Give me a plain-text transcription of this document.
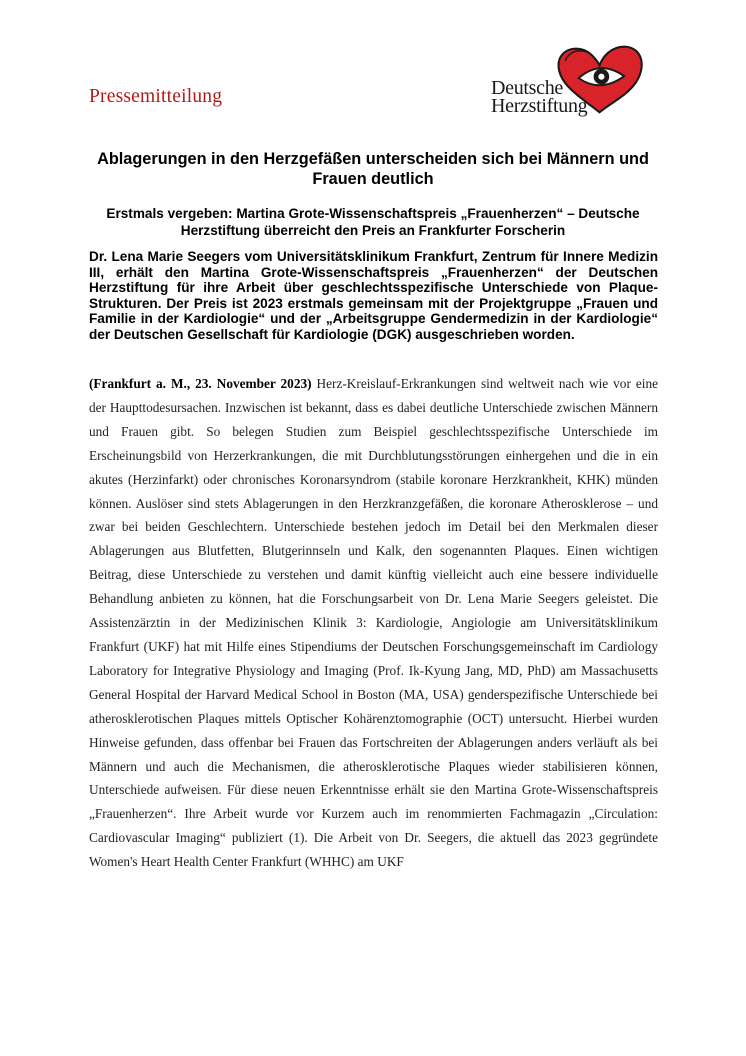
Pressemitteilung	Deutsche
Herzstiftung
Ablagerungen in den Herzgefäßen unterscheiden sich bei Männern und Frauen deutlich
Erstmals vergeben: Martina Grote-Wissenschaftspreis „Frauenherzen“ – Deutsche Herzstiftung überreicht den Preis an Frankfurter Forscherin

Dr. Lena Marie Seegers vom Universitätsklinikum Frankfurt, Zentrum für Innere Medizin III, erhält den Martina Grote-Wissenschaftspreis „Frauenherzen“ der Deutschen Herzstiftung für ihre Arbeit über geschlechtsspezifische Unterschiede von Plaque-Strukturen. Der Preis ist 2023 erstmals gemeinsam mit der Projektgruppe „Frauen und Familie in der Kardiologie“ und der „Arbeitsgruppe Gendermedizin in der Kardiologie“ der Deutschen Gesellschaft für Kardiologie (DGK) ausgeschrieben worden.

(Frankfurt a. M., 23. November 2023) Herz-Kreislauf-Erkrankungen sind weltweit nach wie vor eine der Haupttodesursachen. Inzwischen ist bekannt, dass es dabei deutliche Unterschiede zwischen Männern und Frauen gibt. So belegen Studien zum Beispiel geschlechtsspezifische Unterschiede im Erscheinungsbild von Herzerkrankungen, die mit Durchblutungsstörungen einhergehen und die in ein akutes (Herzinfarkt) oder chronisches Koronarsyndrom (stabile koronare Herzkrankheit, KHK) münden können. Auslöser sind stets Ablagerungen in den Herzkranzgefäßen, die koronare Atherosklerose – und zwar bei beiden Geschlechtern. Unterschiede bestehen jedoch im Detail bei den Merkmalen dieser Ablagerungen aus Blutfetten, Blutgerinnseln und Kalk, den sogenannten Plaques. Einen wichtigen Beitrag, diese Unterschiede zu verstehen und damit künftig vielleicht auch eine bessere individuelle Behandlung anbieten zu können, hat die Forschungsarbeit von Dr. Lena Marie Seegers geleistet. Die Assistenzärztin in der Medizinischen Klinik 3: Kardiologie, Angiologie am Universitätsklinikum Frankfurt (UKF) hat mit Hilfe eines Stipendiums der Deutschen Forschungsgemeinschaft im Cardiology Laboratory for Integrative Physiology and Imaging (Prof. Ik-Kyung Jang, MD, PhD) am Massachusetts General Hospital der Harvard Medical School in Boston (MA, USA) genderspezifische Unterschiede bei atherosklerotischen Plaques mittels Optischer Kohärenztomographie (OCT) untersucht. Hierbei wurden Hinweise gefunden, dass offenbar bei Frauen das Fortschreiten der Ablagerungen anders verläuft als bei Männern und auch die Mechanismen, die atherosklerotische Plaques wieder stabilisieren können, Unterschiede aufweisen. Für diese neuen Erkenntnisse erhält sie den Martina Grote-Wissenschaftspreis „Frauenherzen“. Ihre Arbeit wurde vor Kurzem auch im renommierten Fachmagazin „Circulation: Cardiovascular Imaging“ publiziert (1). Die Arbeit von Dr. Seegers, die aktuell das 2023 gegründete Women's Heart Health Center Frankfurt (WHHC) am UKF
